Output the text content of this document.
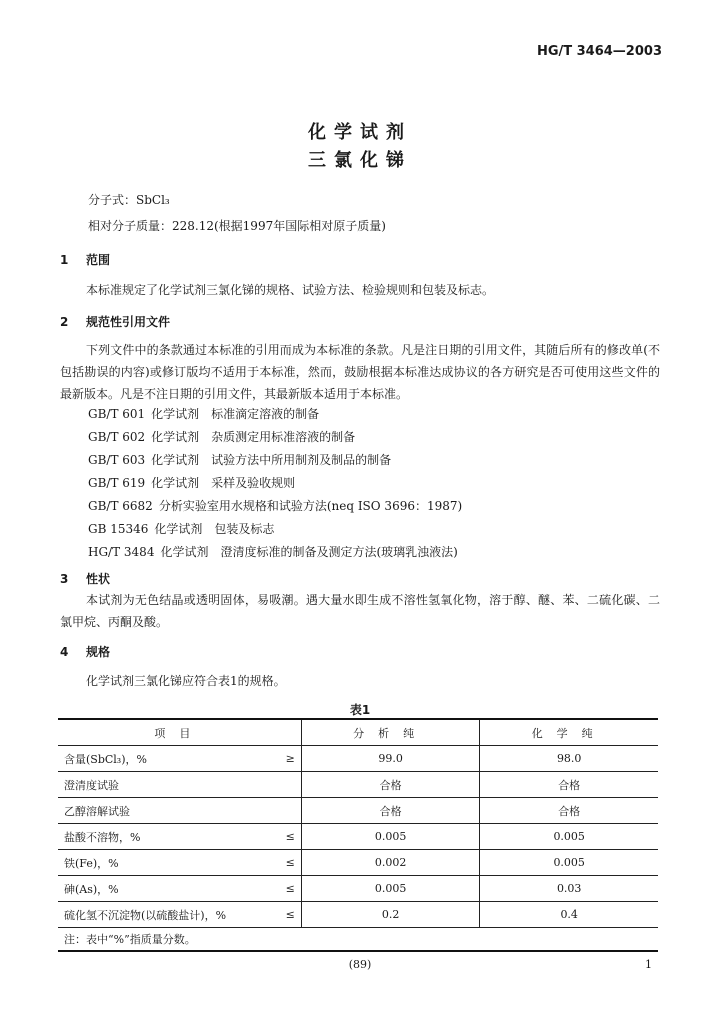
HG/T 3464—2003
化学试剂
三氯化锑
分子式：SbCl₃
相对分子质量：228.12(根据1997年国际相对原子质量)
1 范围
本标准规定了化学试剂三氯化锑的规格、试验方法、检验规则和包装及标志。
2 规范性引用文件
下列文件中的条款通过本标准的引用而成为本标准的条款。凡是注日期的引用文件，其随后所有的修改单(不包括勘误的内容)或修订版均不适用于本标准，然而，鼓励根据本标准达成协议的各方研究是否可使用这些文件的最新版本。凡是不注日期的引用文件，其最新版本适用于本标准。
GB/T 601 化学试剂　标准滴定溶液的制备
GB/T 602 化学试剂　杂质测定用标准溶液的制备
GB/T 603 化学试剂　试验方法中所用制剂及制品的制备
GB/T 619 化学试剂　采样及验收规则
GB/T 6682 分析实验室用水规格和试验方法(neq ISO 3696：1987)
GB 15346 化学试剂　包装及标志
HG/T 3484 化学试剂　澄清度标准的制备及测定方法(玻璃乳浊液法)
3 性状
本试剂为无色结晶或透明固体，易吸潮。遇大量水即生成不溶性氢氧化物，溶于醇、醚、苯、二硫化碳、二氯甲烷、丙酮及酸。
4 规格
化学试剂三氯化锑应符合表1的规格。
表1
项目		分析纯	化学纯
含量(SbCl₃)，%	≥	99.0	98.0
澄清度试验		合格	合格
乙醇溶解试验		合格	合格
盐酸不溶物，%	≤	0.005	0.005
铁(Fe)，%	≤	0.002	0.005
砷(As)，%	≤	0.005	0.03
硫化氢不沉淀物(以硫酸盐计)，%	≤	0.2	0.4
注：表中“%”指质量分数。			
(89)	1
